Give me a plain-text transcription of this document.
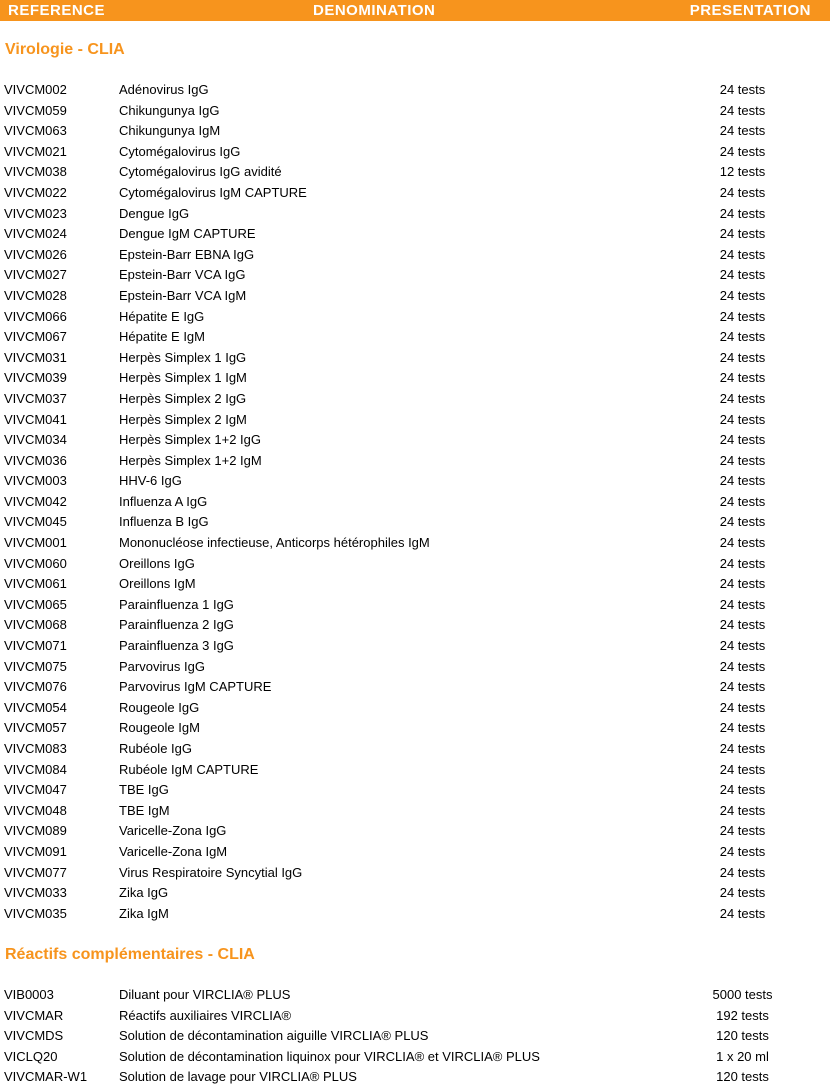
REFERENCE	DENOMINATION	PRESENTATION
Virologie - CLIA
VIVCM002	Adénovirus IgG	24 tests
VIVCM059	Chikungunya IgG	24 tests
VIVCM063	Chikungunya IgM	24 tests
VIVCM021	Cytomégalovirus IgG	24 tests
VIVCM038	Cytomégalovirus IgG avidité	12 tests
VIVCM022	Cytomégalovirus IgM CAPTURE	24 tests
VIVCM023	Dengue IgG	24 tests
VIVCM024	Dengue IgM CAPTURE	24 tests
VIVCM026	Epstein-Barr EBNA IgG	24 tests
VIVCM027	Epstein-Barr VCA IgG	24 tests
VIVCM028	Epstein-Barr VCA IgM	24 tests
VIVCM066	Hépatite E IgG	24 tests
VIVCM067	Hépatite E IgM	24 tests
VIVCM031	Herpès Simplex 1 IgG	24 tests
VIVCM039	Herpès Simplex 1 IgM	24 tests
VIVCM037	Herpès Simplex 2 IgG	24 tests
VIVCM041	Herpès Simplex 2 IgM	24 tests
VIVCM034	Herpès Simplex 1+2 IgG	24 tests
VIVCM036	Herpès Simplex 1+2 IgM	24 tests
VIVCM003	HHV-6 IgG	24 tests
VIVCM042	Influenza A IgG	24 tests
VIVCM045	Influenza B IgG	24 tests
VIVCM001	Mononucléose infectieuse, Anticorps hétérophiles IgM	24 tests
VIVCM060	Oreillons IgG	24 tests
VIVCM061	Oreillons IgM	24 tests
VIVCM065	Parainfluenza 1 IgG	24 tests
VIVCM068	Parainfluenza 2 IgG	24 tests
VIVCM071	Parainfluenza 3 IgG	24 tests
VIVCM075	Parvovirus IgG	24 tests
VIVCM076	Parvovirus IgM CAPTURE	24 tests
VIVCM054	Rougeole IgG	24 tests
VIVCM057	Rougeole IgM	24 tests
VIVCM083	Rubéole IgG	24 tests
VIVCM084	Rubéole IgM CAPTURE	24 tests
VIVCM047	TBE IgG	24 tests
VIVCM048	TBE IgM	24 tests
VIVCM089	Varicelle-Zona IgG	24 tests
VIVCM091	Varicelle-Zona IgM	24 tests
VIVCM077	Virus Respiratoire Syncytial IgG	24 tests
VIVCM033	Zika IgG	24 tests
VIVCM035	Zika IgM	24 tests
Réactifs complémentaires - CLIA
VIB0003	Diluant pour VIRCLIA® PLUS	5000 tests
VIVCMAR	Réactifs auxiliaires VIRCLIA®	192 tests
VIVCMDS	Solution de décontamination aiguille VIRCLIA® PLUS	120 tests
VICLQ20	Solution de décontamination liquinox pour VIRCLIA® et VIRCLIA® PLUS	1 x 20 ml
VIVCMAR-W1 Solution de lavage pour VIRCLIA® PLUS	120 tests
